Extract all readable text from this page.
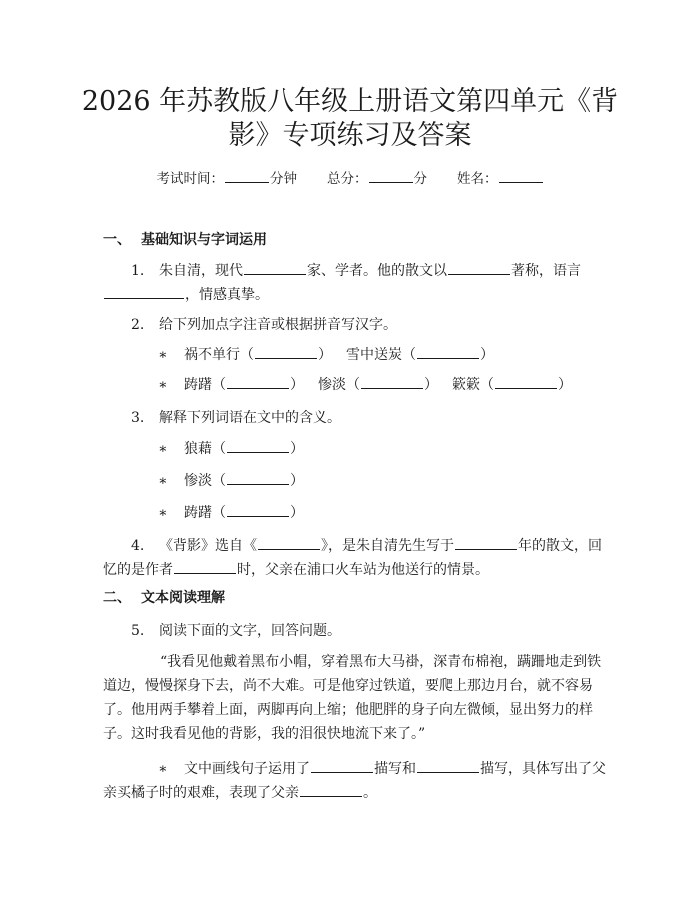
2026 年苏教版八年级上册语文第四单元《背
影》专项练习及答案
考试时间：	分钟 总分：	分 姓名：
一、 基础知识与字词运用
1. 朱自清，现代	家、学者。他的散文以	著称，语言
，情感真挚。
2. 给下列加点字注音或根据拼音写汉字。
∗ 祸不单行（	） 雪中送炭（	）
∗ 踌躇（	） 惨淡（	） 簌簌（	）
3. 解释下列词语在文中的含义。
∗ 狼藉（	）
∗ 惨淡（	）
∗ 踌躇（	）
4. 《背影》选自《	》，是朱自清先生写于	年的散文，回
忆的是作者	时，父亲在浦口火车站为他送行的情景。
二、 文本阅读理解
5. 阅读下面的文字，回答问题。
“我看见他戴着黑布小帽，穿着黑布大马褂，深青布棉袍，蹒跚地走到铁
道边，慢慢探身下去，尚不大难。可是他穿过铁道，要爬上那边月台，就不容易
了。他用两手攀着上面，两脚再向上缩；他肥胖的身子向左微倾，显出努力的样
子。这时我看见他的背影，我的泪很快地流下来了。”
∗ 文中画线句子运用了	描写和	描写，具体写出了父
亲买橘子时的艰难，表现了父亲	。
